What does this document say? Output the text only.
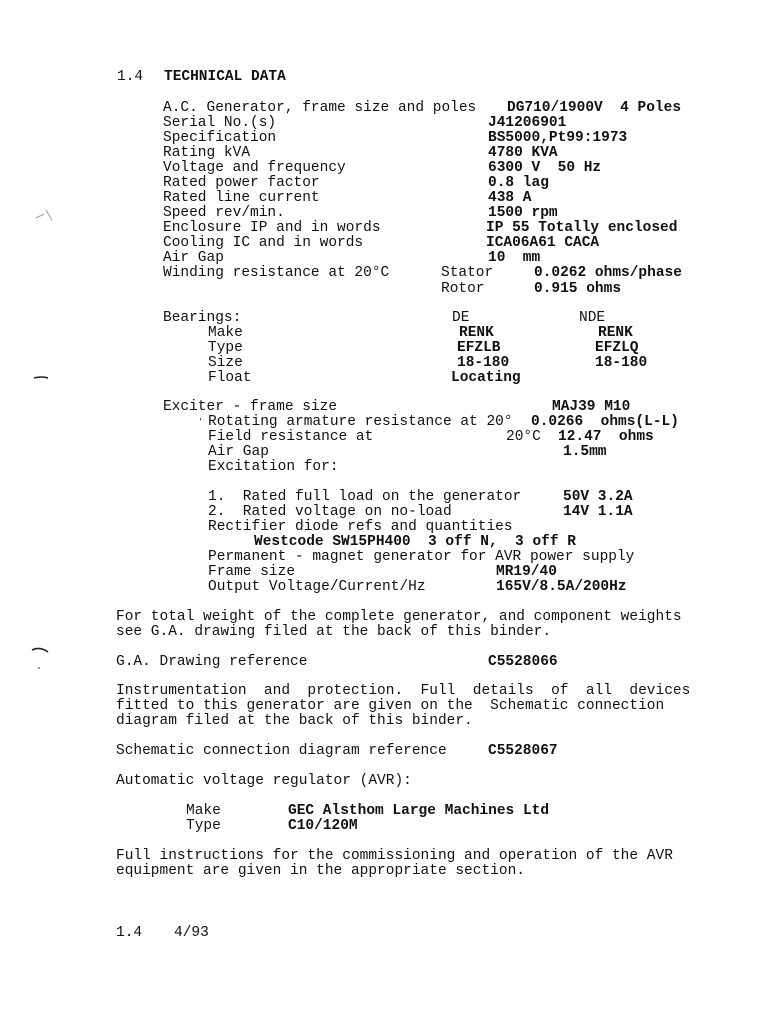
1.4 TECHNICAL DATA
A.C. Generator, frame size and poles DG710/1900V  4 Poles
Serial No.(s)	J41206901
Specification	BS5000,Pt99:1973
Rating kVA	4780 KVA
Voltage and frequency	6300 V  50 Hz
Rated power factor	0.8 lag
Rated line current	438 A
Speed rev/min.	1500 rpm
Enclosure IP and in words	IP 55 Totally enclosed
Cooling IC and in words	ICA06A61 CACA
Air Gap	10  mm
Winding resistance at 20°C	Stator	0.0262 ohms/phase
Rotor	0.915 ohms
Bearings:	DE	NDE
Make	RENK	RENK
Type	EFZLB	EFZLQ
Size	18-180	18-180
Float	Locating
Exciter - frame size	MAJ39 M10
‘ Rotating armature resistance at 20° 0.0266  ohms(L-L)
Field resistance at	20°C 12.47  ohms
Air Gap	1.5mm
Excitation for:
1.  Rated full load on the generator	50V 3.2A
2.  Rated voltage on no-load	14V 1.1A
Rectifier diode refs and quantities
Westcode SW15PH400  3 off N,  3 off R
Permanent - magnet generator for AVR power supply
Frame size	MR19/40
Output Voltage/Current/Hz	165V/8.5A/200Hz
For total weight of the complete generator, and component weights
see G.A. drawing filed at the back of this binder.
G.A. Drawing reference	C5528066
Instrumentation  and  protection.  Full  details  of  all  devices
fitted to this generator are given on the  Schematic connection
diagram filed at the back of this binder.
Schematic connection diagram reference	C5528067
Automatic voltage regulator (AVR):
Make	GEC Alsthom Large Machines Ltd
Type	C10/120M
Full instructions for the commissioning and operation of the AVR
equipment are given in the appropriate section.
1.4 4/93
